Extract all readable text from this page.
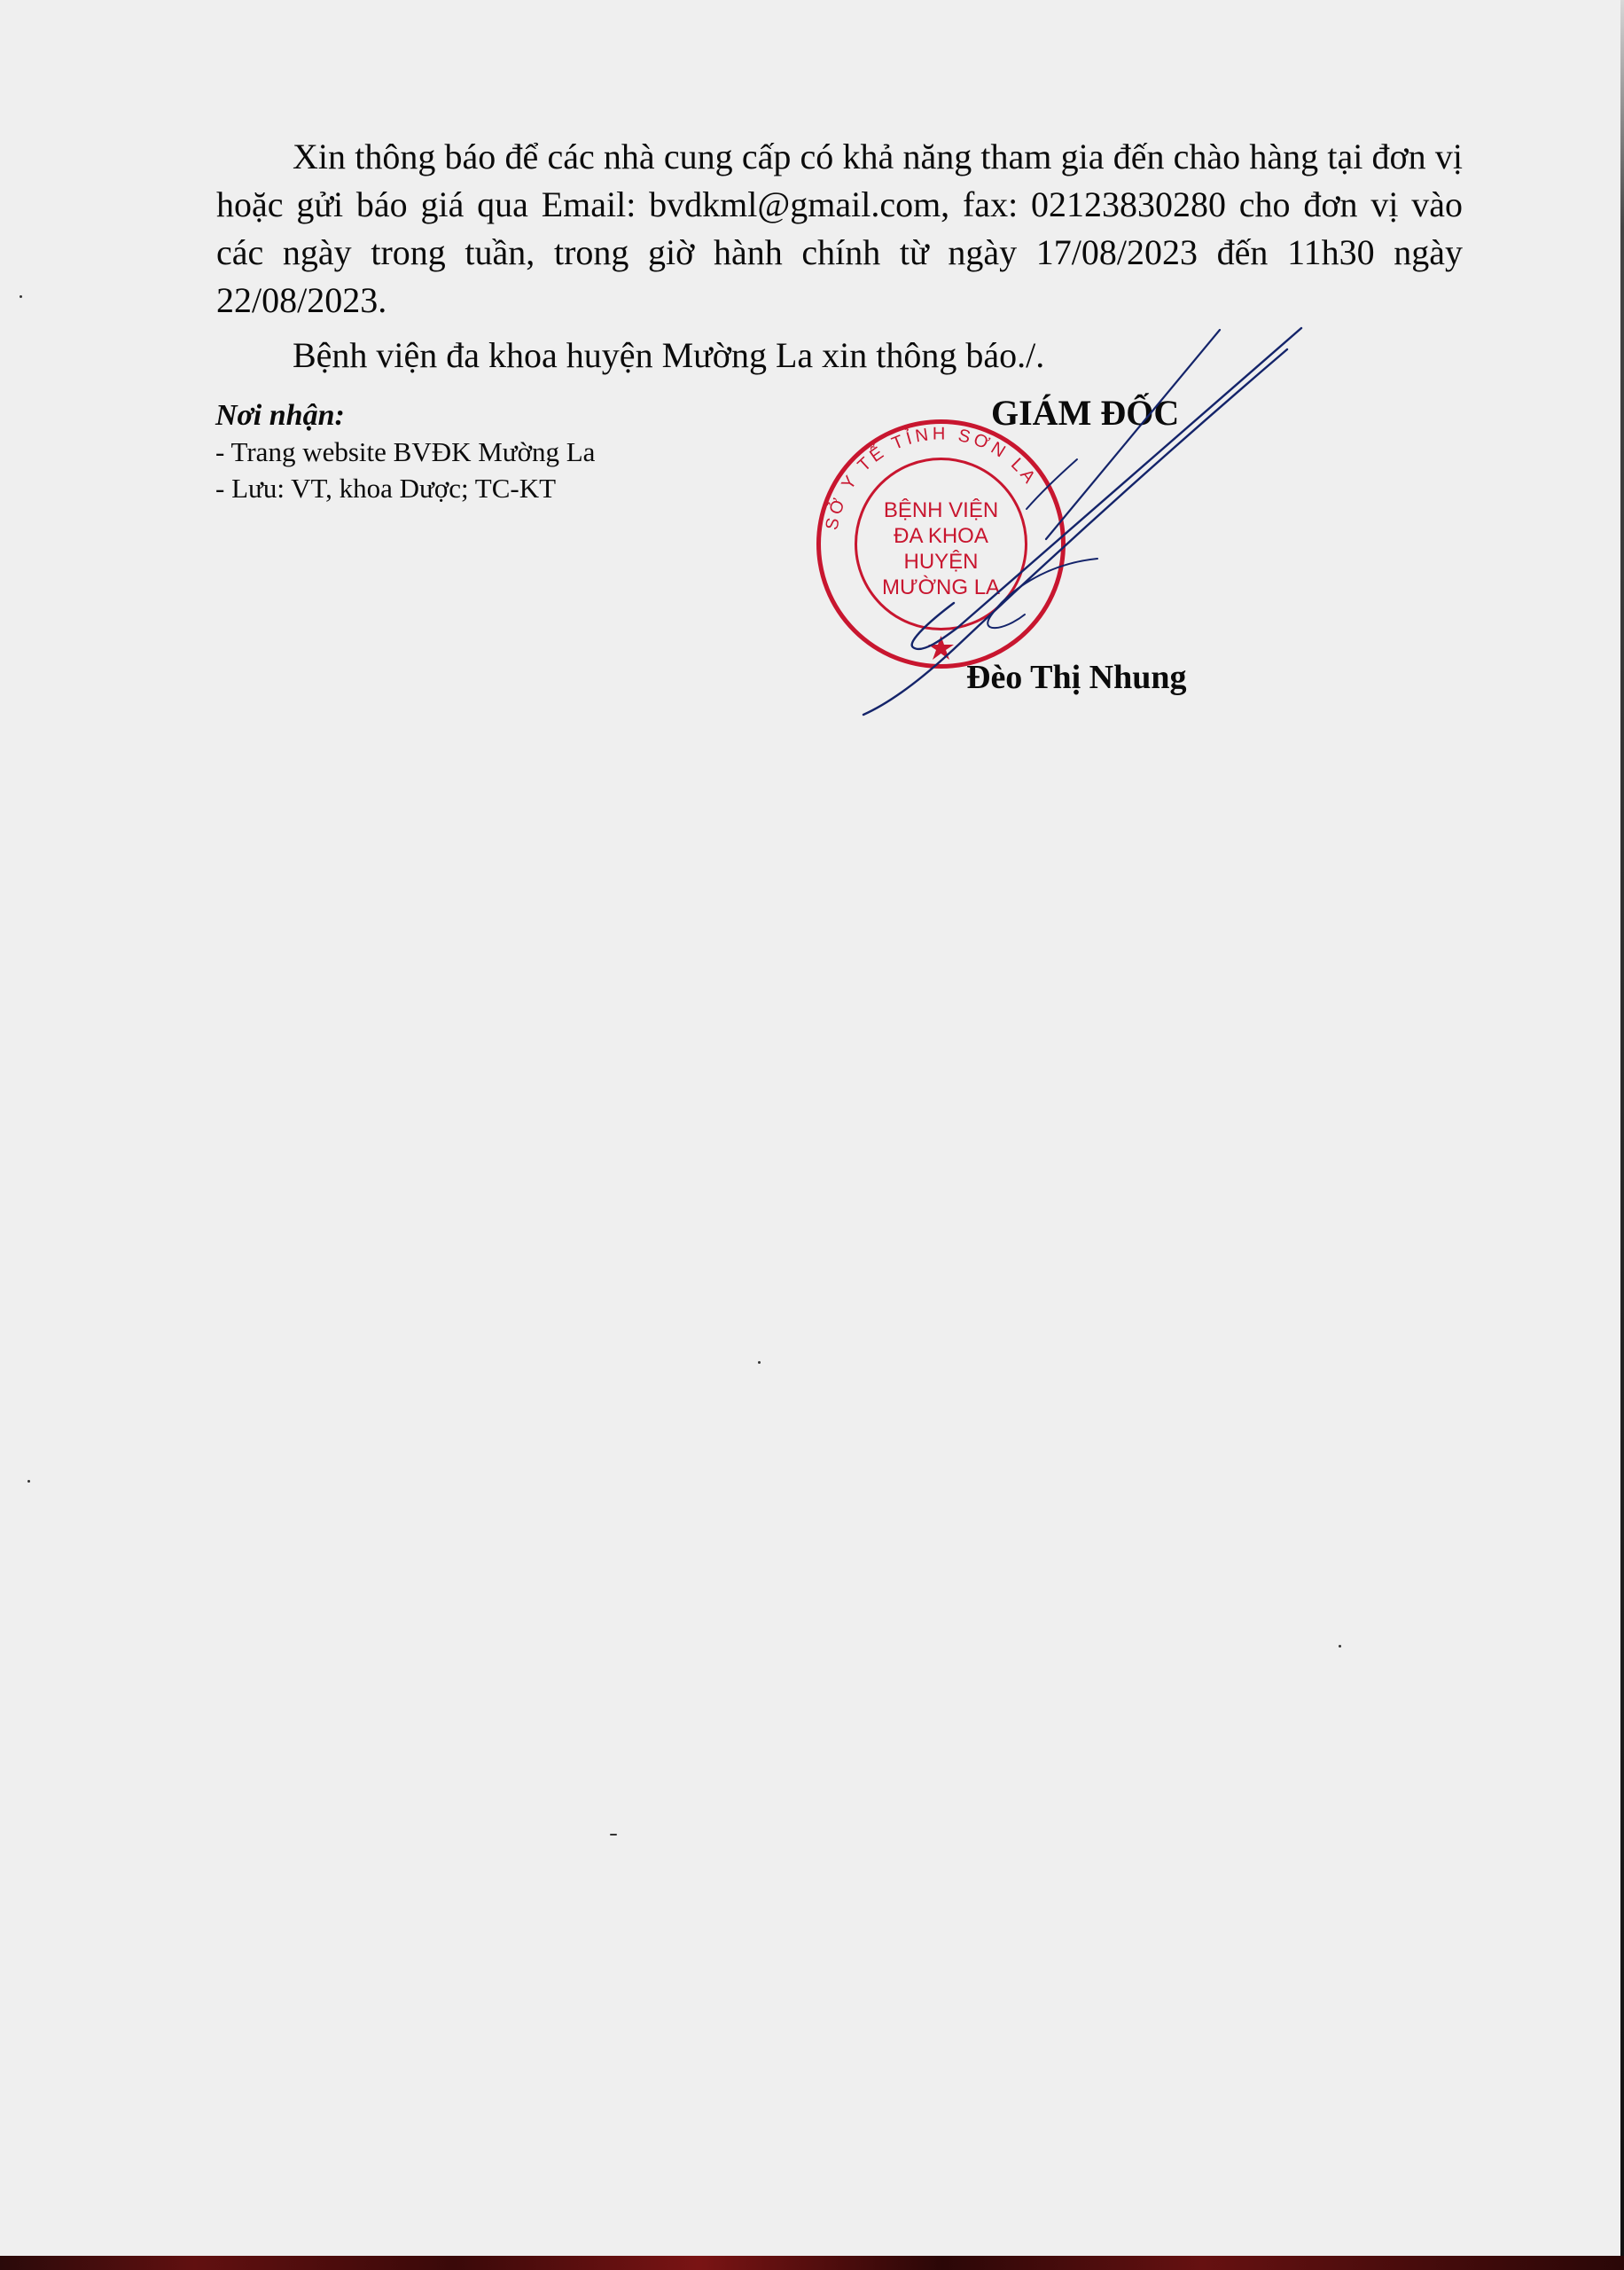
Xin thông báo để các nhà cung cấp có khả năng tham gia đến chào hàng tại đơn vị hoặc gửi báo giá qua Email: bvdkml@gmail.com, fax: 02123830280 cho đơn vị vào các ngày trong tuần, trong giờ hành chính từ ngày 17/08/2023 đến 11h30 ngày 22/08/2023.

Bệnh viện đa khoa huyện Mường La xin thông báo./.

Nơi nhận:

- Trang website BVĐK Mường La
- Lưu: VT, khoa Dược; TC-KT
GIÁM ĐỐC
SỞ Y TẾ TỈNH SƠN LA
BỆNH VIỆN
ĐA KHOA
HUYỆN
MƯỜNG LA
Đèo Thị Nhung
